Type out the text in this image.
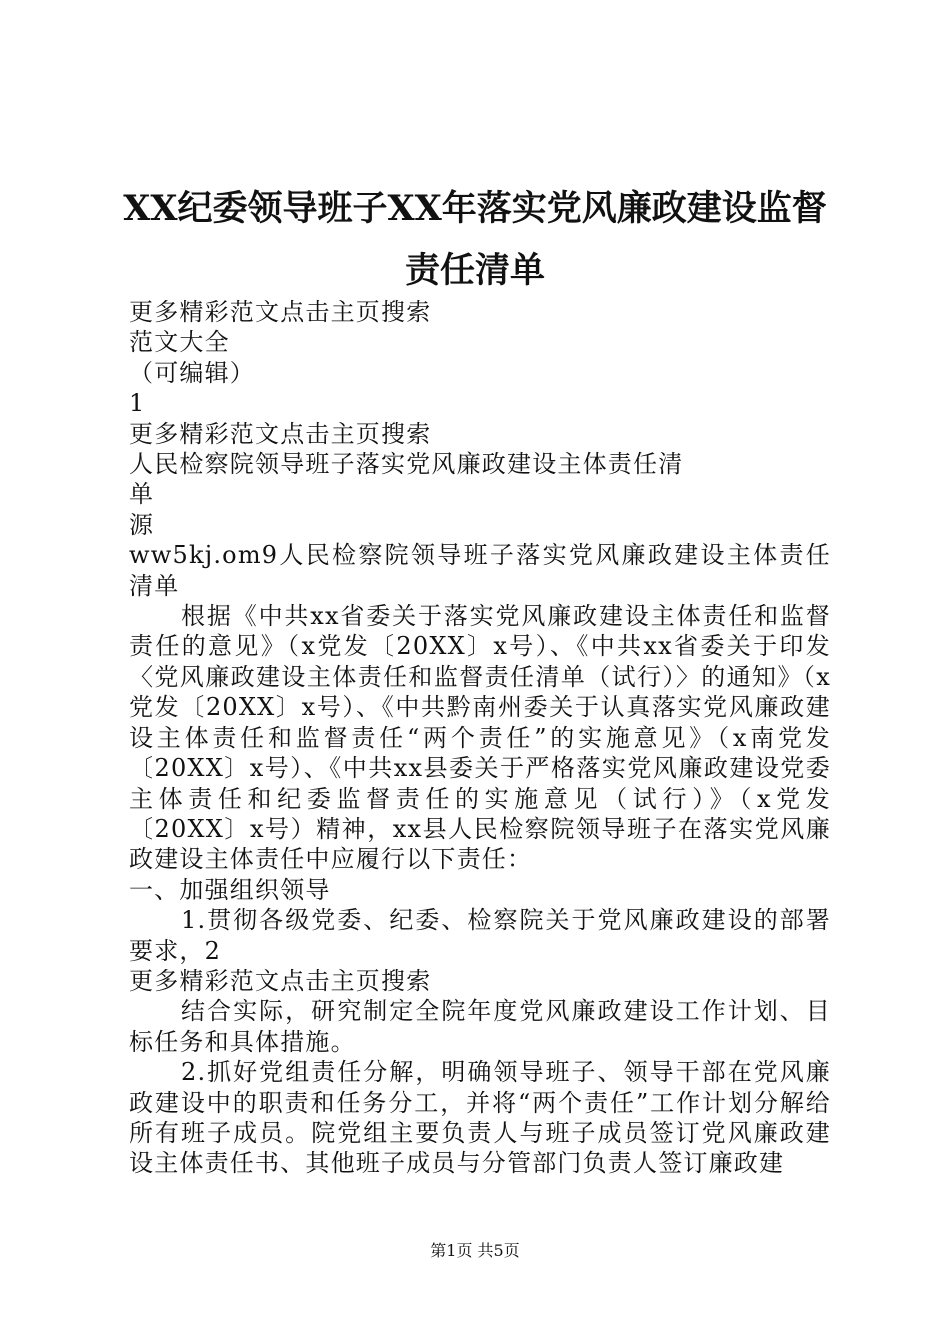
XX纪委领导班子XX年落实党风廉政建设监督责任清单

更多精彩范文点击主页搜索

范文大全

（可编辑）

1

更多精彩范文点击主页搜索

人民检察院领导班子落实党风廉政建设主体责任清

单

源

ww5kj.om9人民检察院领导班子落实党风廉政建设主体责任清单

根据《中共xx省委关于落实党风廉政建设主体责任和监督责任的意见》（x党发〔20XX〕x号）、《中共xx省委关于印发〈党风廉政建设主体责任和监督责任清单（试行）〉的通知》（x党发〔20XX〕x号）、《中共黔南州委关于认真落实党风廉政建设主体责任和监督责任“两个责任”的实施意见》（x南党发〔20XX〕x号）、《中共xx县委关于严格落实党风廉政建设党委主体责任和纪委监督责任的实施意见（试行）》（x党发〔20XX〕x号）精神，xx县人民检察院领导班子在落实党风廉政建设主体责任中应履行以下责任：

一、加强组织领导

1.贯彻各级党委、纪委、检察院关于党风廉政建设的部署要求，2

更多精彩范文点击主页搜索

结合实际，研究制定全院年度党风廉政建设工作计划、目标任务和具体措施。

2.抓好党组责任分解，明确领导班子、领导干部在党风廉政建设中的职责和任务分工，并将“两个责任”工作计划分解给所有班子成员。院党组主要负责人与班子成员签订党风廉政建设主体责任书、其他班子成员与分管部门负责人签订廉政建

第1页 共5页
